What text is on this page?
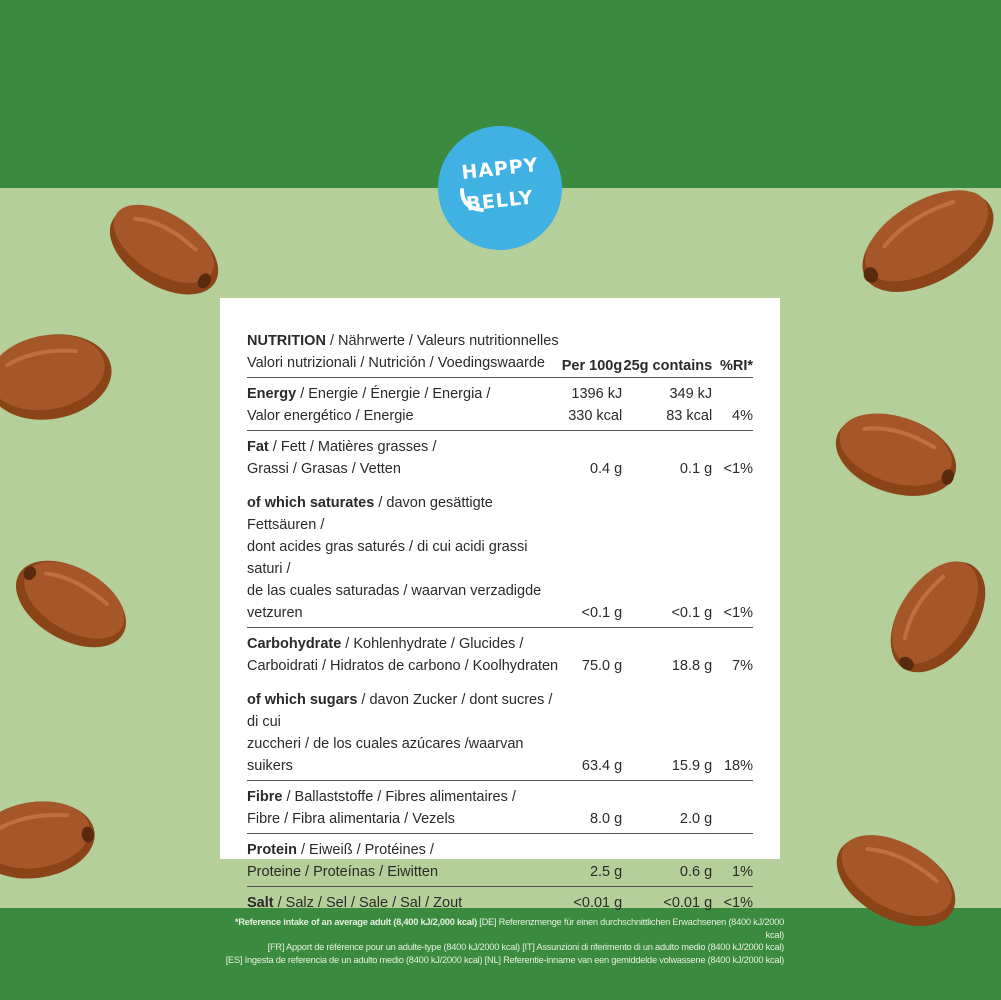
HAPPY
BELLY
NUTRITION / Nährwerte / Valeurs nutritionnelles			
Valori nutrizionali / Nutrición / Voedingswaarde	Per 100g	25g contains	%RI*
Energy / Energie / Énergie / Energia /	1396 kJ	349 kJ	
Valor energético / Energie	330 kcal	83 kcal	4%
Fat / Fett / Matières grasses /			
Grassi / Grasas / Vetten	0.4 g	0.1 g	<1%
of which saturates / davon gesättigte Fettsäuren /			
dont acides gras saturés / di cui acidi grassi saturi /			
de las cuales saturadas / waarvan verzadigde vetzuren	<0.1 g	<0.1 g	<1%
Carbohydrate / Kohlenhydrate / Glucides /			
Carboidrati / Hidratos de carbono / Koolhydraten	75.0 g	18.8 g	7%
of which sugars / davon Zucker / dont sucres / di cui			
zuccheri / de los cuales azúcares /waarvan suikers	63.4 g	15.9 g	18%
Fibre / Ballaststoffe / Fibres alimentaires /			
Fibre / Fibra alimentaria / Vezels	8.0 g	2.0 g	
Protein / Eiweiß / Protéines /			
Proteine / Proteínas / Eiwitten	2.5 g	0.6 g	1%
Salt / Salz / Sel / Sale / Sal / Zout	<0.01 g	<0.01 g	<1%
*Reference intake of an average adult (8,400 kJ/2,000 kcal) [DE] Referenzmenge für einen durchschnittlichen Erwachsenen (8400 kJ/2000 kcal)
[FR] Apport de référence pour un adulte-type (8400 kJ/2000 kcal) [IT] Assunzioni di riferimento di un adulto medio (8400 kJ/2000 kcal)
[ES] Ingesta de referencia de un adulto medio (8400 kJ/2000 kcal) [NL] Referentie-inname van een gemiddelde volwassene (8400 kJ/2000 kcal)
